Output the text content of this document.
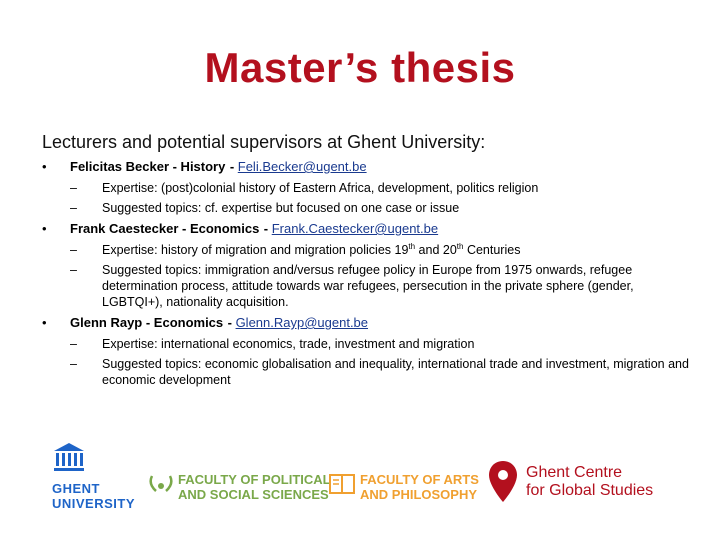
Master’s thesis
Lecturers and potential supervisors at Ghent University:
• Felicitas Becker - History - Feli.Becker@ugent.be
– Expertise: (post)colonial history of Eastern Africa, development, politics religion
– Suggested topics: cf. expertise but focused on one case or issue
• Frank Caestecker - Economics - Frank.Caestecker@ugent.be
– Expertise: history of migration and migration policies 19th and 20th Centuries
– Suggested topics: immigration and/versus refugee policy in Europe from 1975 onwards, refugee determination process, attitude towards war refugees, persecution in the private sphere (gender, LGBTQI+), nationality acquisition.
• Glenn Rayp - Economics - Glenn.Rayp@ugent.be
– Expertise: international economics, trade, investment and migration
– Suggested topics: economic globalisation and inequality, international trade and investment, migration and economic development
GHENT
UNIVERSITY
FACULTY OF POLITICAL
AND SOCIAL SCIENCES
FACULTY OF ARTS
AND PHILOSOPHY
Ghent Centre
for Global Studies
